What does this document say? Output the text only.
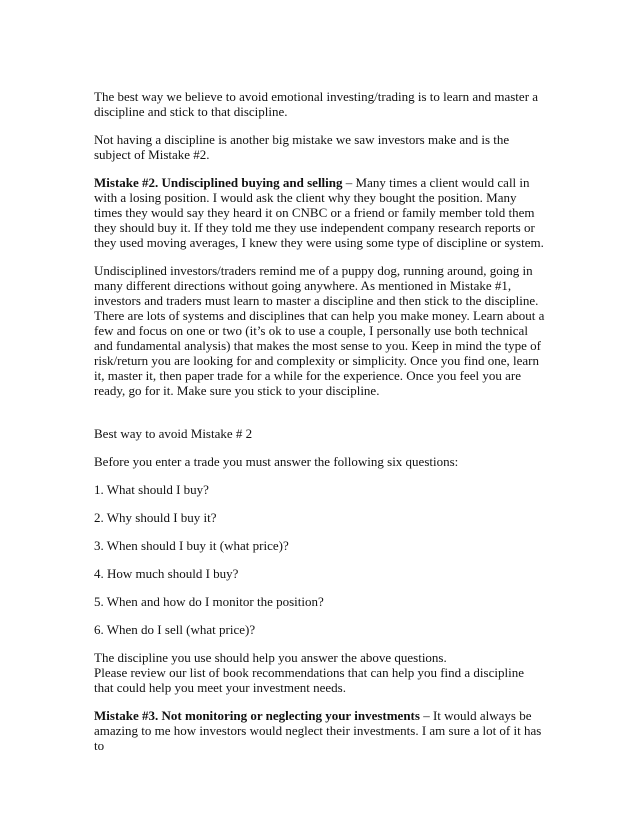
The best way we believe to avoid emotional investing/trading is to learn and master a discipline and stick to that discipline.

Not having a discipline is another big mistake we saw investors make and is the subject of Mistake #2.

Mistake #2. Undisciplined buying and selling – Many times a client would call in with a losing position. I would ask the client why they bought the position. Many times they would say they heard it on CNBC or a friend or family member told them they should buy it. If they told me they use independent company research reports or they used moving averages, I knew they were using some type of discipline or system.

Undisciplined investors/traders remind me of a puppy dog, running around, going in many different directions without going anywhere. As mentioned in Mistake #1, investors and traders must learn to master a discipline and then stick to the discipline. There are lots of systems and disciplines that can help you make money. Learn about a few and focus on one or two (it’s ok to use a couple, I personally use both technical and fundamental analysis) that makes the most sense to you. Keep in mind the type of risk/return you are looking for and complexity or simplicity. Once you find one, learn it, master it, then paper trade for a while for the experience. Once you feel you are ready, go for it. Make sure you stick to your discipline.

Best way to avoid Mistake # 2

Before you enter a trade you must answer the following six questions:

1. What should I buy?

2. Why should I buy it?

3. When should I buy it (what price)?

4. How much should I buy?

5. When and how do I monitor the position?

6. When do I sell (what price)?

The discipline you use should help you answer the above questions.

Please review our list of book recommendations that can help you find a discipline that could help you meet your investment needs.

Mistake #3. Not monitoring or neglecting your investments – It would always be amazing to me how investors would neglect their investments. I am sure a lot of it has to
